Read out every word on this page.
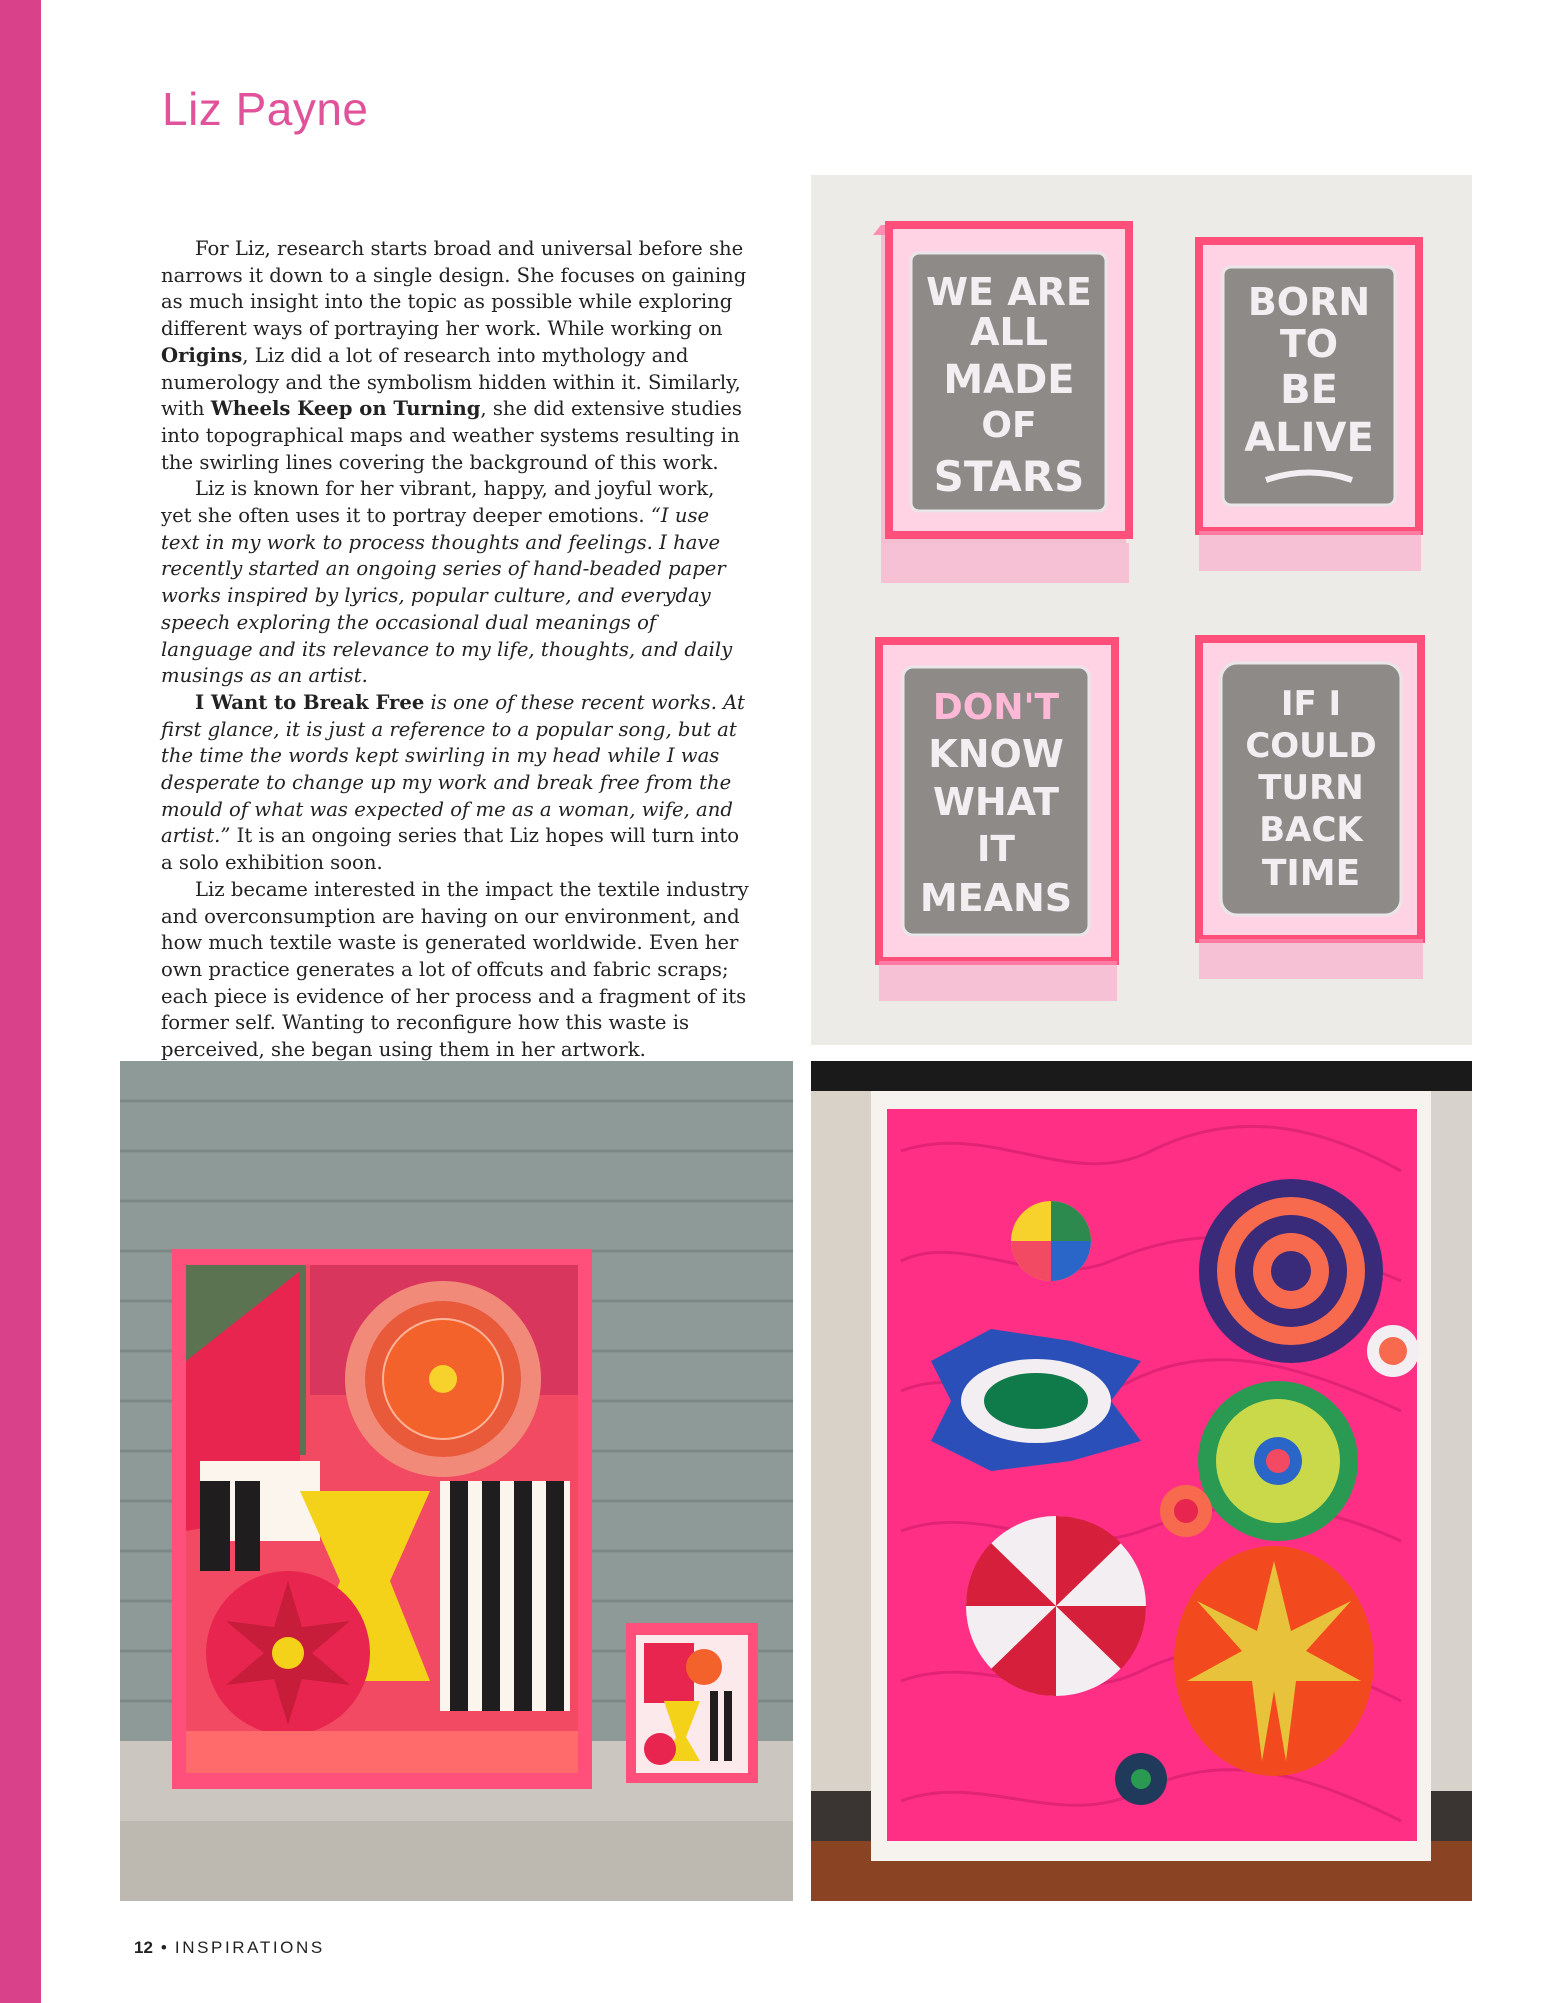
Liz Payne

For Liz, research starts broad and universal before she narrows it down to a single design. She focuses on gaining as much insight into the topic as possible while exploring different ways of portraying her work. While working on Origins, Liz did a lot of research into mythology and numerology and the symbolism hidden within it. Similarly, with Wheels Keep on Turning, she did extensive studies into topographical maps and weather systems resulting in the swirling lines covering the background of this work.

Liz is known for her vibrant, happy, and joyful work, yet she often uses it to portray deeper emotions. “I use text in my work to process thoughts and feelings. I have recently started an ongoing series of hand-beaded paper works inspired by lyrics, popular culture, and everyday speech exploring the occasional dual meanings of language and its relevance to my life, thoughts, and daily musings as an artist.

I Want to Break Free is one of these recent works. At first glance, it is just a reference to a popular song, but at the time the words kept swirling in my head while I was desperate to change up my work and break free from the mould of what was expected of me as a woman, wife, and artist.” It is an ongoing series that Liz hopes will turn into a solo exhibition soon.

Liz became interested in the impact the textile industry and overconsumption are having on our environment, and how much textile waste is generated worldwide. Even her own practice generates a lot of offcuts and fabric scraps; each piece is evidence of her process and a fragment of its former self. Wanting to reconfigure how this waste is perceived, she began using them in her artwork.

WE ARE
ALL
MADE
OF
STARS
BORN
TO
BE
ALIVE
DON'T
KNOW
WHAT
IT
MEANS
IF I
COULD
TURN
BACK
TIME
12 • INSPIRATIONS
